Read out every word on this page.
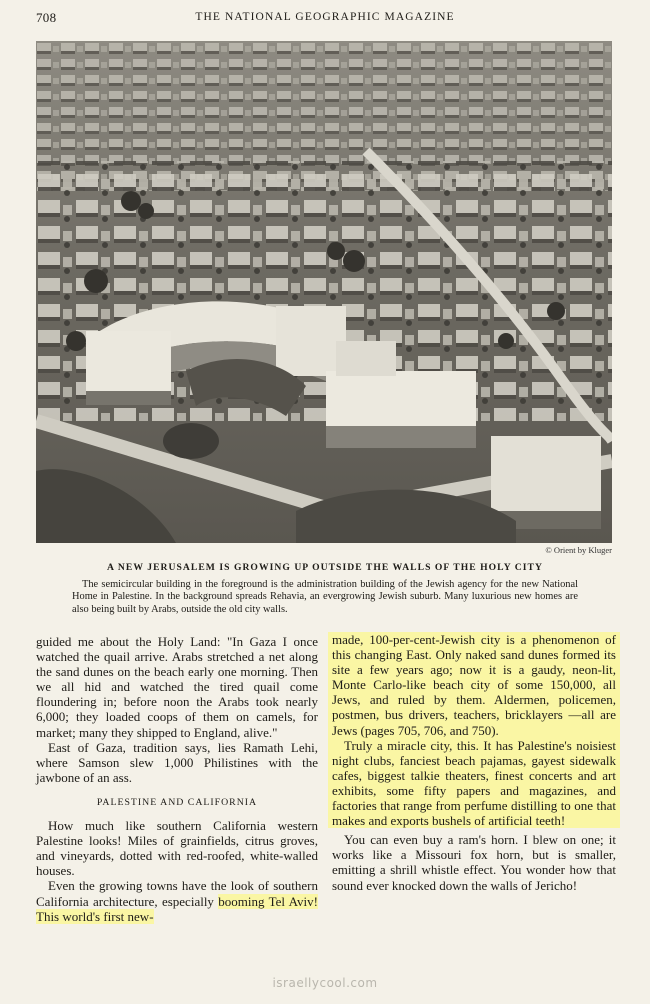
708	THE NATIONAL GEOGRAPHIC MAGAZINE
© Orient by Kluger
A NEW JERUSALEM IS GROWING UP OUTSIDE THE WALLS OF THE HOLY CITY
The semicircular building in the foreground is the administration building of the Jewish agency for the new National Home in Palestine. In the background spreads Rehavia, an evergrowing Jewish suburb. Many luxurious new homes are also being built by Arabs, outside the old city walls.

guided me about the Holy Land: "In Gaza I once watched the quail arrive. Arabs stretched a net along the sand dunes on the beach early one morning. Then we all hid and watched the tired quail come floundering in; before noon the Arabs took nearly 6,000; they loaded coops of them on camels, for market; many they shipped to England, alive."

East of Gaza, tradition says, lies Ramath Lehi, where Samson slew 1,000 Philistines with the jawbone of an ass.

PALESTINE AND CALIFORNIA

How much like southern California western Palestine looks! Miles of grainfields, citrus groves, and vineyards, dotted with red-roofed, white-walled houses.

Even the growing towns have the look of southern California architecture, especially booming Tel Aviv! This world's first new-

made, 100-per-cent-Jewish city is a phenomenon of this changing East. Only naked sand dunes formed its site a few years ago; now it is a gaudy, neon-lit, Monte Carlo-like beach city of some 150,000, all Jews, and ruled by them. Aldermen, policemen, postmen, bus drivers, teachers, bricklayers —all are Jews (pages 705, 706, and 750).

Truly a miracle city, this. It has Palestine's noisiest night clubs, fanciest beach pajamas, gayest sidewalk cafes, biggest talkie theaters, finest concerts and art exhibits, some fifty papers and magazines, and factories that range from perfume distilling to one that makes and exports bushels of artificial teeth!

You can even buy a ram's horn. I blew on one; it works like a Missouri fox horn, but is smaller, emitting a shrill whistle effect. You wonder how that sound ever knocked down the walls of Jericho!

israellycool.com
